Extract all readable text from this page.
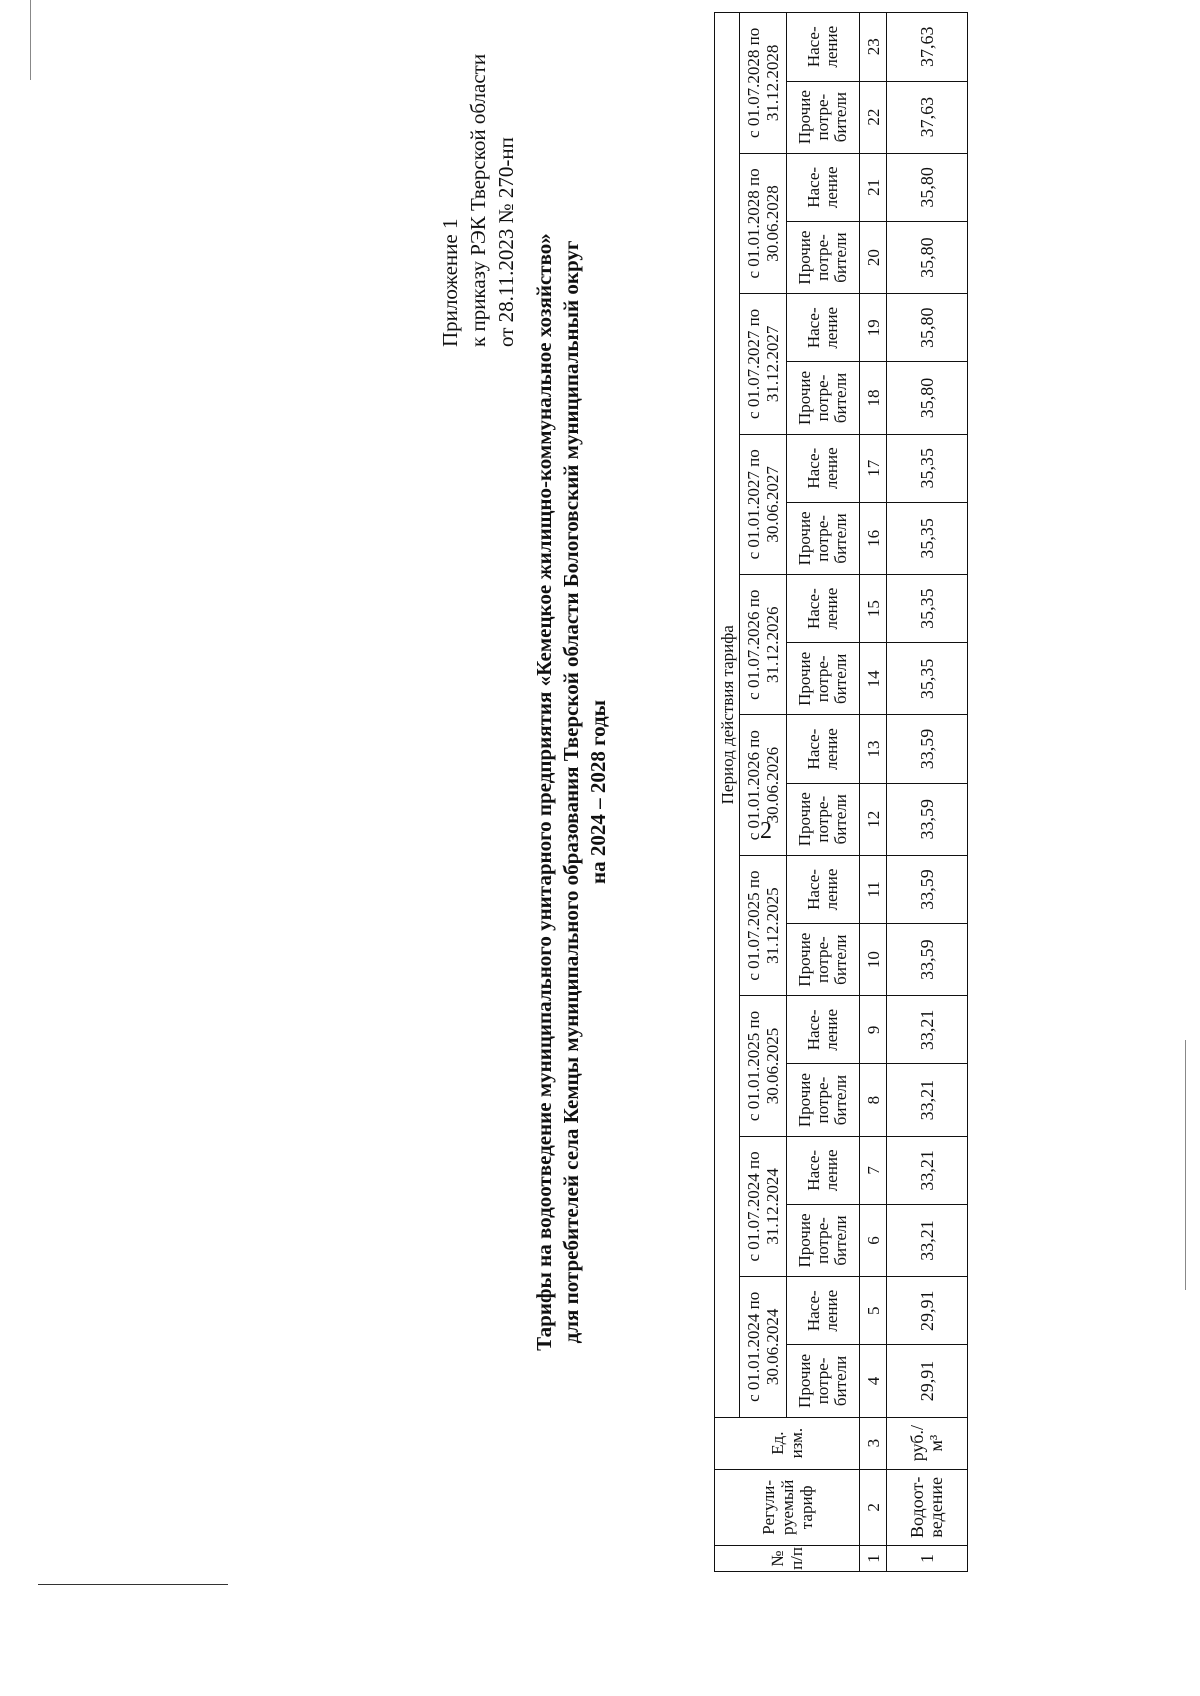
2
Приложение 1 к приказу РЭК Тверской области от 28.11.2023 № 270-нп Тарифы на водоотведение муниципального унитарного предприятия «Кемецкое жилищно-коммунальное хозяйство» для потребителей села Кемцы муниципального образования Тверской области Бологовский муниципальный округ на 2024 – 2028 годы
№ п/п	Регули-руемый тариф	Ед. изм.	Период действия тарифа																			
			с 01.01.2024 по 30.06.2024		с 01.07.2024 по 31.12.2024		с 01.01.2025 по 30.06.2025		с 01.07.2025 по 31.12.2025		с 01.01.2026 по 30.06.2026		с 01.07.2026 по 31.12.2026		с 01.01.2027 по 30.06.2027		с 01.07.2027 по 31.12.2027		с 01.01.2028 по 30.06.2028		с 01.07.2028 по 31.12.2028	
			Прочие потре-бители	Насе-ление	Прочие потре-бители	Насе-ление	Прочие потре-бители	Насе-ление	Прочие потре-бители	Насе-ление	Прочие потре-бители	Насе-ление	Прочие потре-бители	Насе-ление	Прочие потре-бители	Насе-ление	Прочие потре-бители	Насе-ление	Прочие потре-бители	Насе-ление	Прочие потре-бители	Насе-ление
1	2	3	4	5	6	7	8	9	10	11	12	13	14	15	16	17	18	19	20	21	22	23
1	Водоот-ведение	руб./м³	29,91	29,91	33,21	33,21	33,21	33,21	33,59	33,59	33,59	33,59	35,35	35,35	35,35	35,35	35,80	35,80	35,80	35,80	37,63	37,63
